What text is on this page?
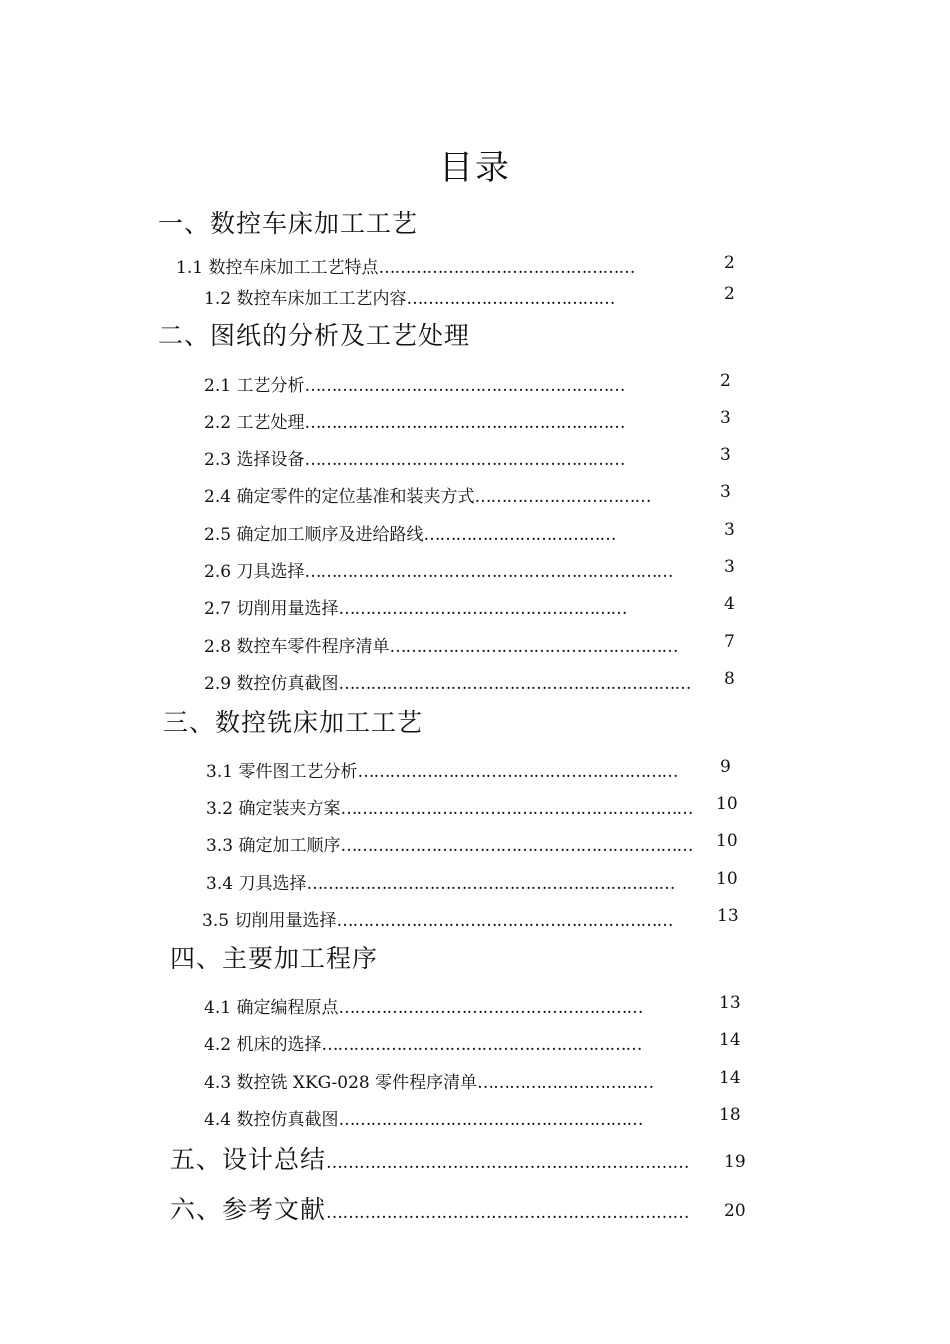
目录
一、数控车床加工工艺
1.1 数控车床加工工艺特点…………………………………………	2
1.2 数控车床加工工艺内容…………………………………	2
二、图纸的分析及工艺处理
2.1 工艺分析……………………………………………………	2
2.2 工艺处理……………………………………………………	3
2.3 选择设备……………………………………………………	3
2.4 确定零件的定位基准和装夹方式……………………………	3
2.5 确定加工顺序及进给路线………………………………	3
2.6 刀具选择……………………………………………………………	3
2.7 切削用量选择………………………………………………	4
2.8 数控车零件程序清单………………………………………………	7
2.9 数控仿真截图………………………………………………………… 8
三、数控铣床加工工艺
3.1 零件图工艺分析……………………………………………………	9
3.2 确定装夹方案………………………………………………………… 10
3.3 确定加工顺序………………………………………………………… 10
3.4 刀具选择…………………………………………………………… 10
3.5 切削用量选择………………………………………………………	13
四、主要加工程序
4.1 确定编程原点…………………………………………………	13
4.2 机床的选择……………………………………………………	14
4.3 数控铣 XKG-028 零件程序清单……………………………	14
4.4 数控仿真截图…………………………………………………	18
五、设计总结………………………………………………………… 19
六、参考文献………………………………………………………… 20
